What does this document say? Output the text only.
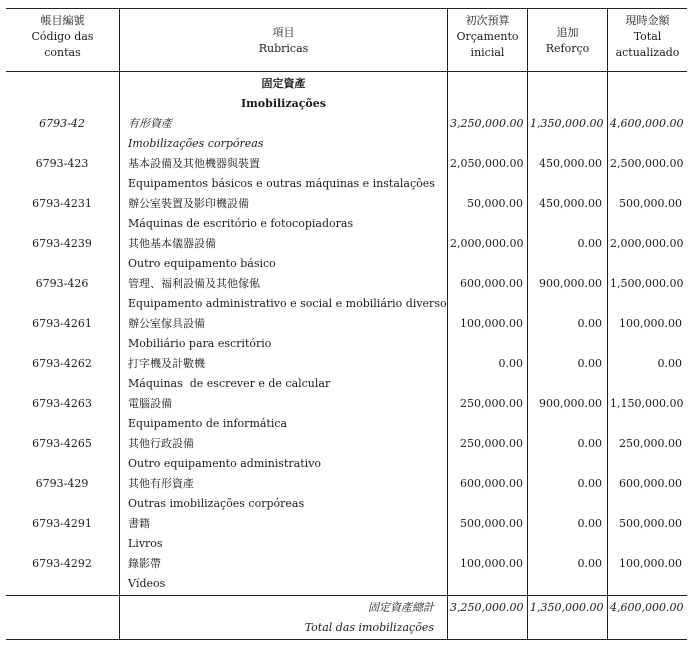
帳目編號
Código das
contas
項目
Rubricas
初次預算
Orçamento
inicial
追加
Reforço
現時金額
Total
actualizado
固定資產
Imobilizações
6793-42	有形資產
Imobilizações corpóreas
3,250,000.00 1,350,000.00 4,600,000.00
6793-423	基本設備及其他機器與裝置
Equipamentos básicos e outras máquinas e instalações
2,050,000.00	450,000.00 2,500,000.00
6793-4231	辦公室裝置及影印機設備
Máquinas de escritório e fotocopiadoras
50,000.00	450,000.00	500,000.00
6793-4239	其他基本儀器設備
Outro equipamento básico
2,000,000.00	0.00 2,000,000.00
6793-426	管理、福利設備及其他傢俬
Equipamento administrativo e social e mobiliário diverso
600,000.00	900,000.00 1,500,000.00
6793-4261	辦公室傢具設備
Mobiliário para escritório
100,000.00	0.00	100,000.00
6793-4262	打字機及計數機
Máquinas  de escrever e de calcular
0.00	0.00	0.00
6793-4263	電腦設備
Equipamento de informática
250,000.00	900,000.00 1,150,000.00
6793-4265	其他行政設備
Outro equipamento administrativo
250,000.00	0.00	250,000.00
6793-429	其他有形資產
Outras imobilizações corpóreas
600,000.00	0.00	600,000.00
6793-4291	書籍
Livros
500,000.00	0.00	500,000.00
6793-4292	錄影帶
Vídeos
100,000.00	0.00	100,000.00
固定資產總計
Total das imobilizações
3,250,000.00 1,350,000.00 4,600,000.00
